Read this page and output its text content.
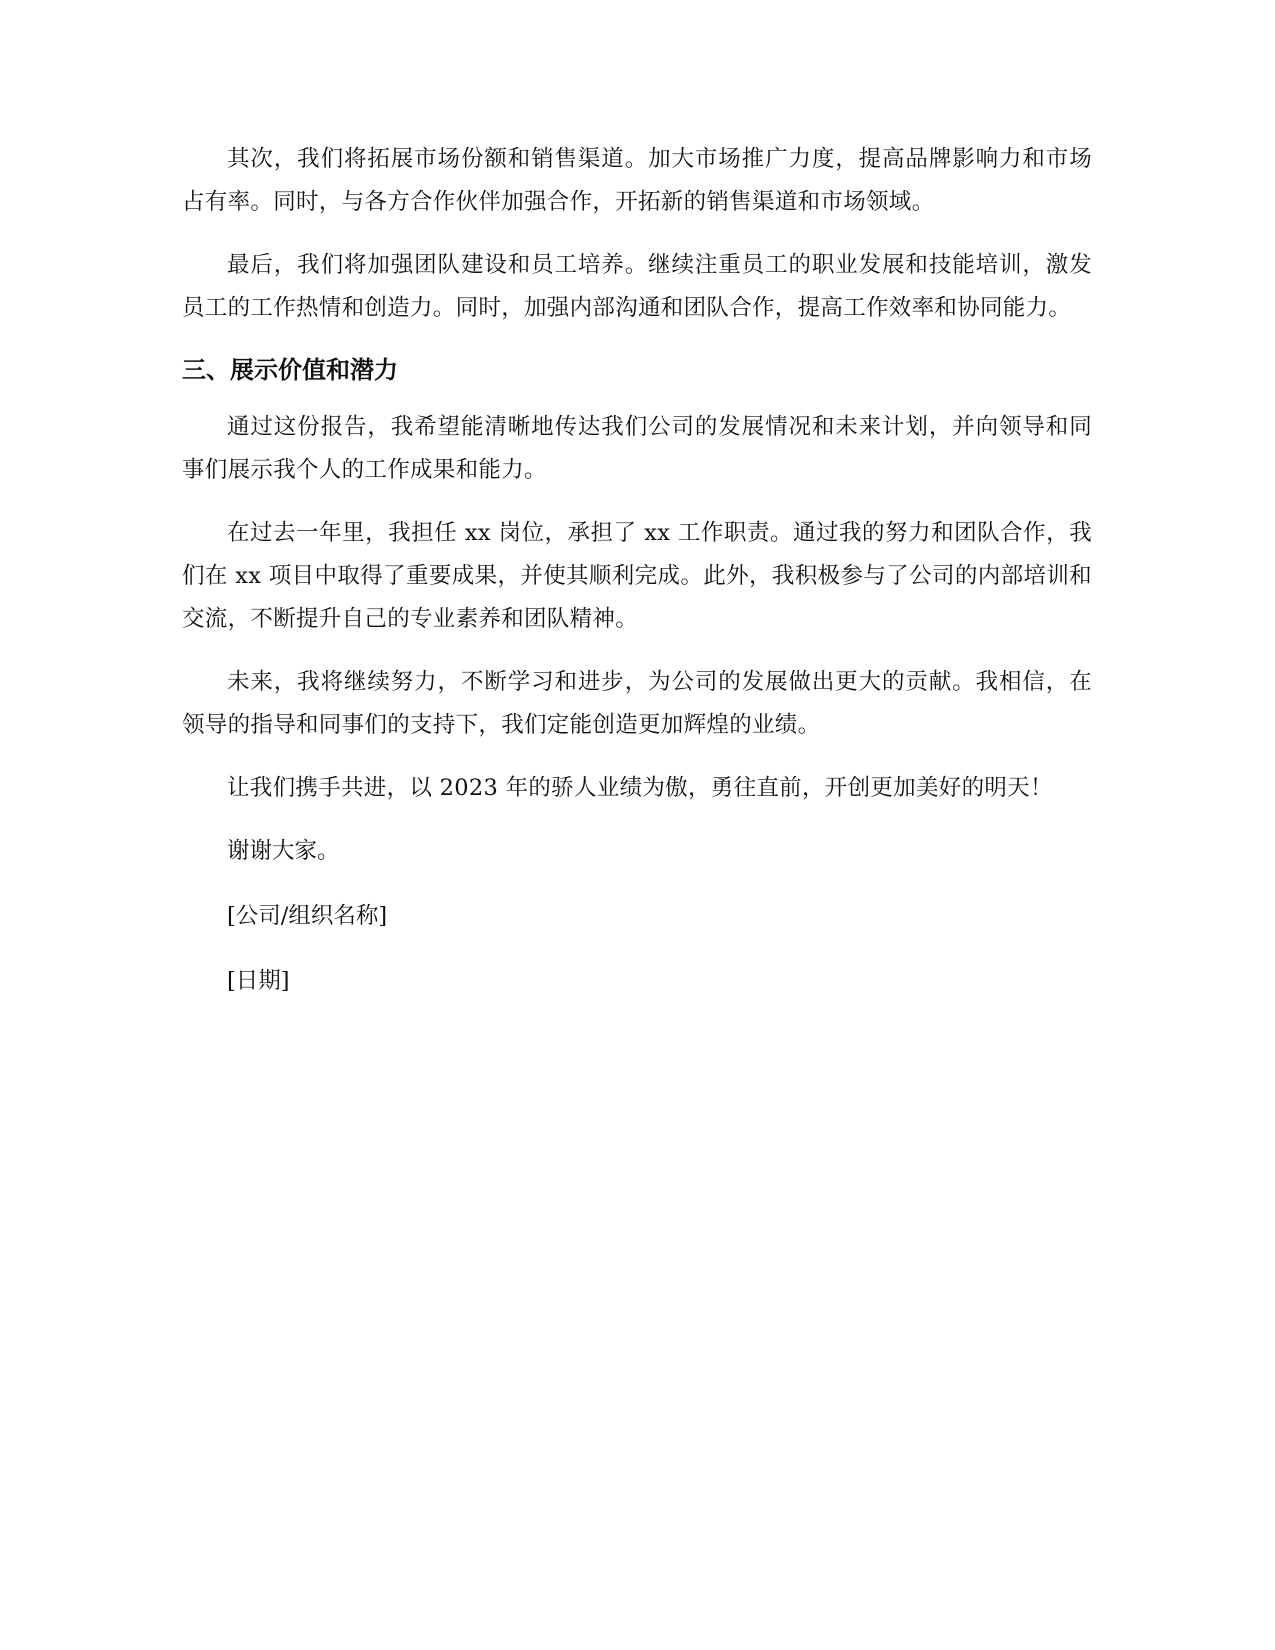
其次，我们将拓展市场份额和销售渠道。加大市场推广力度，提高品牌影响力和市场占有率。同时，与各方合作伙伴加强合作，开拓新的销售渠道和市场领域。

最后，我们将加强团队建设和员工培养。继续注重员工的职业发展和技能培训，激发员工的工作热情和创造力。同时，加强内部沟通和团队合作，提高工作效率和协同能力。

三、展示价值和潜力

通过这份报告，我希望能清晰地传达我们公司的发展情况和未来计划，并向领导和同事们展示我个人的工作成果和能力。

在过去一年里，我担任 xx 岗位，承担了 xx 工作职责。通过我的努力和团队合作，我们在 xx 项目中取得了重要成果，并使其顺利完成。此外，我积极参与了公司的内部培训和交流，不断提升自己的专业素养和团队精神。

未来，我将继续努力，不断学习和进步，为公司的发展做出更大的贡献。我相信，在领导的指导和同事们的支持下，我们定能创造更加辉煌的业绩。

让我们携手共进，以 2023 年的骄人业绩为傲，勇往直前，开创更加美好的明天！

谢谢大家。

[公司/组织名称]

[日期]
